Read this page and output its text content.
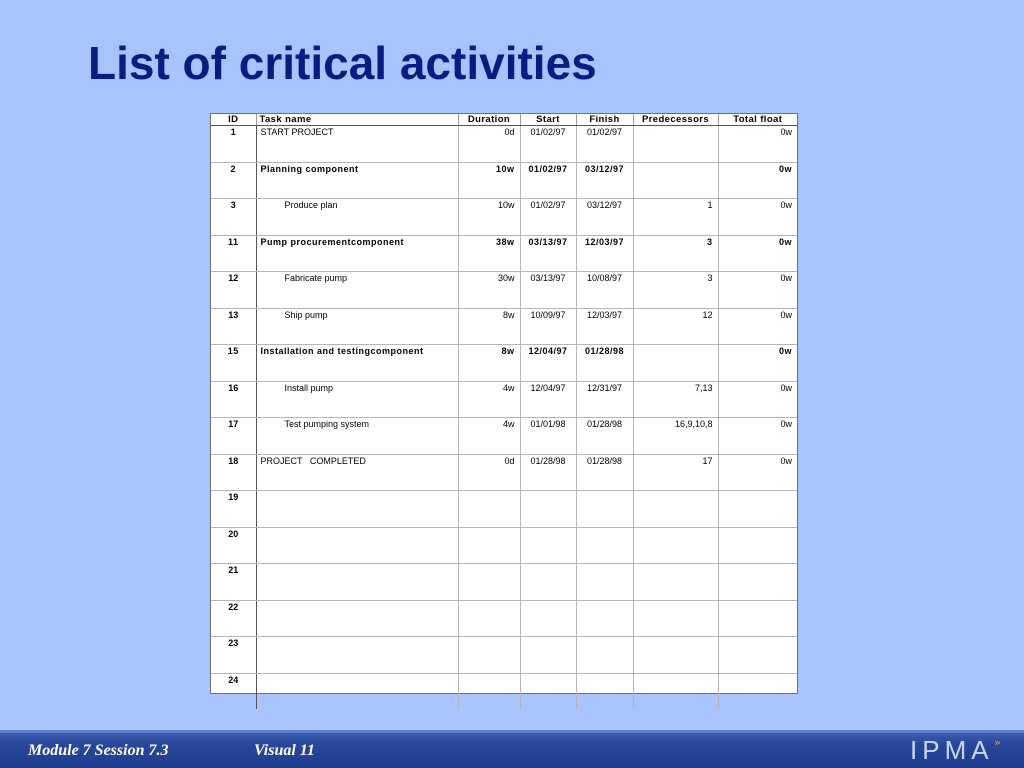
List of critical activities
ID	Task name	Duration	Start	Finish	Predecessors	Total float
1	START PROJECT	0d	01/02/97	01/02/97		0w
2	Planning component	10w	01/02/97	03/12/97		0w
3	Produce plan	10w	01/02/97	03/12/97	1	0w
11	Pump procurementcomponent	38w	03/13/97	12/03/97	3	0w
12	Fabricate pump	30w	03/13/97	10/08/97	3	0w
13	Ship pump	8w	10/09/97	12/03/97	12	0w
15	Installation and testingcomponent	8w	12/04/97	01/28/98		0w
16	Install pump	4w	12/04/97	12/31/97	7,13	0w
17	Test pumping system	4w	01/01/98	01/28/98	16,9,10,8	0w
18	PROJECT   COMPLETED	0d	01/28/98	01/28/98	17	0w
19						
20						
21						
22						
23						
24						

Module 7 Session 7.3	Visual 11	IPMA »
